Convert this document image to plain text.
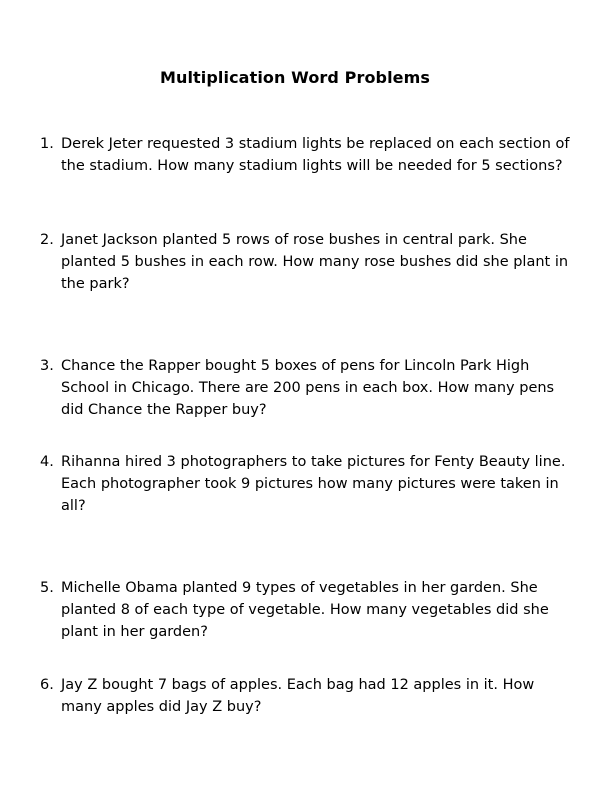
Multiplication Word Problems
1. Derek Jeter requested 3 stadium lights be replaced on each section of the stadium. How many stadium lights will be needed for 5 sections?
2. Janet Jackson planted 5 rows of rose bushes in central park. She planted 5 bushes in each row. How many rose bushes did she plant in the park?
3. Chance the Rapper bought 5 boxes of pens for Lincoln Park High School in Chicago. There are 200 pens in each box. How many pens did Chance the Rapper buy?
4. Rihanna hired 3 photographers to take pictures for Fenty Beauty line. Each photographer took 9 pictures how many pictures were taken in all?
5. Michelle Obama planted 9 types of vegetables in her garden. She planted 8 of each type of vegetable. How many vegetables did she plant in her garden?
6. Jay Z bought 7 bags of apples. Each bag had 12 apples in it. How many apples did Jay Z buy?
